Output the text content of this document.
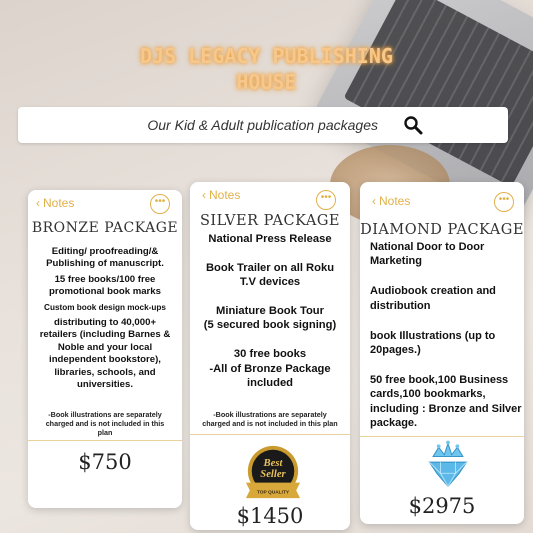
DJS LEGACY PUBLISHING
HOUSE
Our Kid & Adult publication packages
‹ Notes	•••
BRONZE PACKAGE
Editing/ proofreading/&
Publishing of manuscript.
15 free books/100 free
promotional book marks
Custom book design mock-ups
distributing to 40,000+
retailers (including Barnes &
Noble and your local
independent bookstore),
libraries, schools, and
universities.
-Book illustrations are separately
charged and is not included in this
plan
$750
‹ Notes	•••
SILVER PACKAGE
National Press Release
Book Trailer on all Roku
T.V devices
Miniature Book Tour
(5 secured book signing)
30 free books
-All of Bronze Package
included
-Book illustrations are separately
charged and is not included in this plan
Best
Seller
TOP QUALITY
$1450
‹ Notes	•••
DIAMOND PACKAGE
National Door to Door
Marketing
Audiobook creation and
distribution
book Illustrations (up to
20pages.)
50 free book,100 Business
cards,100 bookmarks,
including : Bronze and Silver
package.
$2975
